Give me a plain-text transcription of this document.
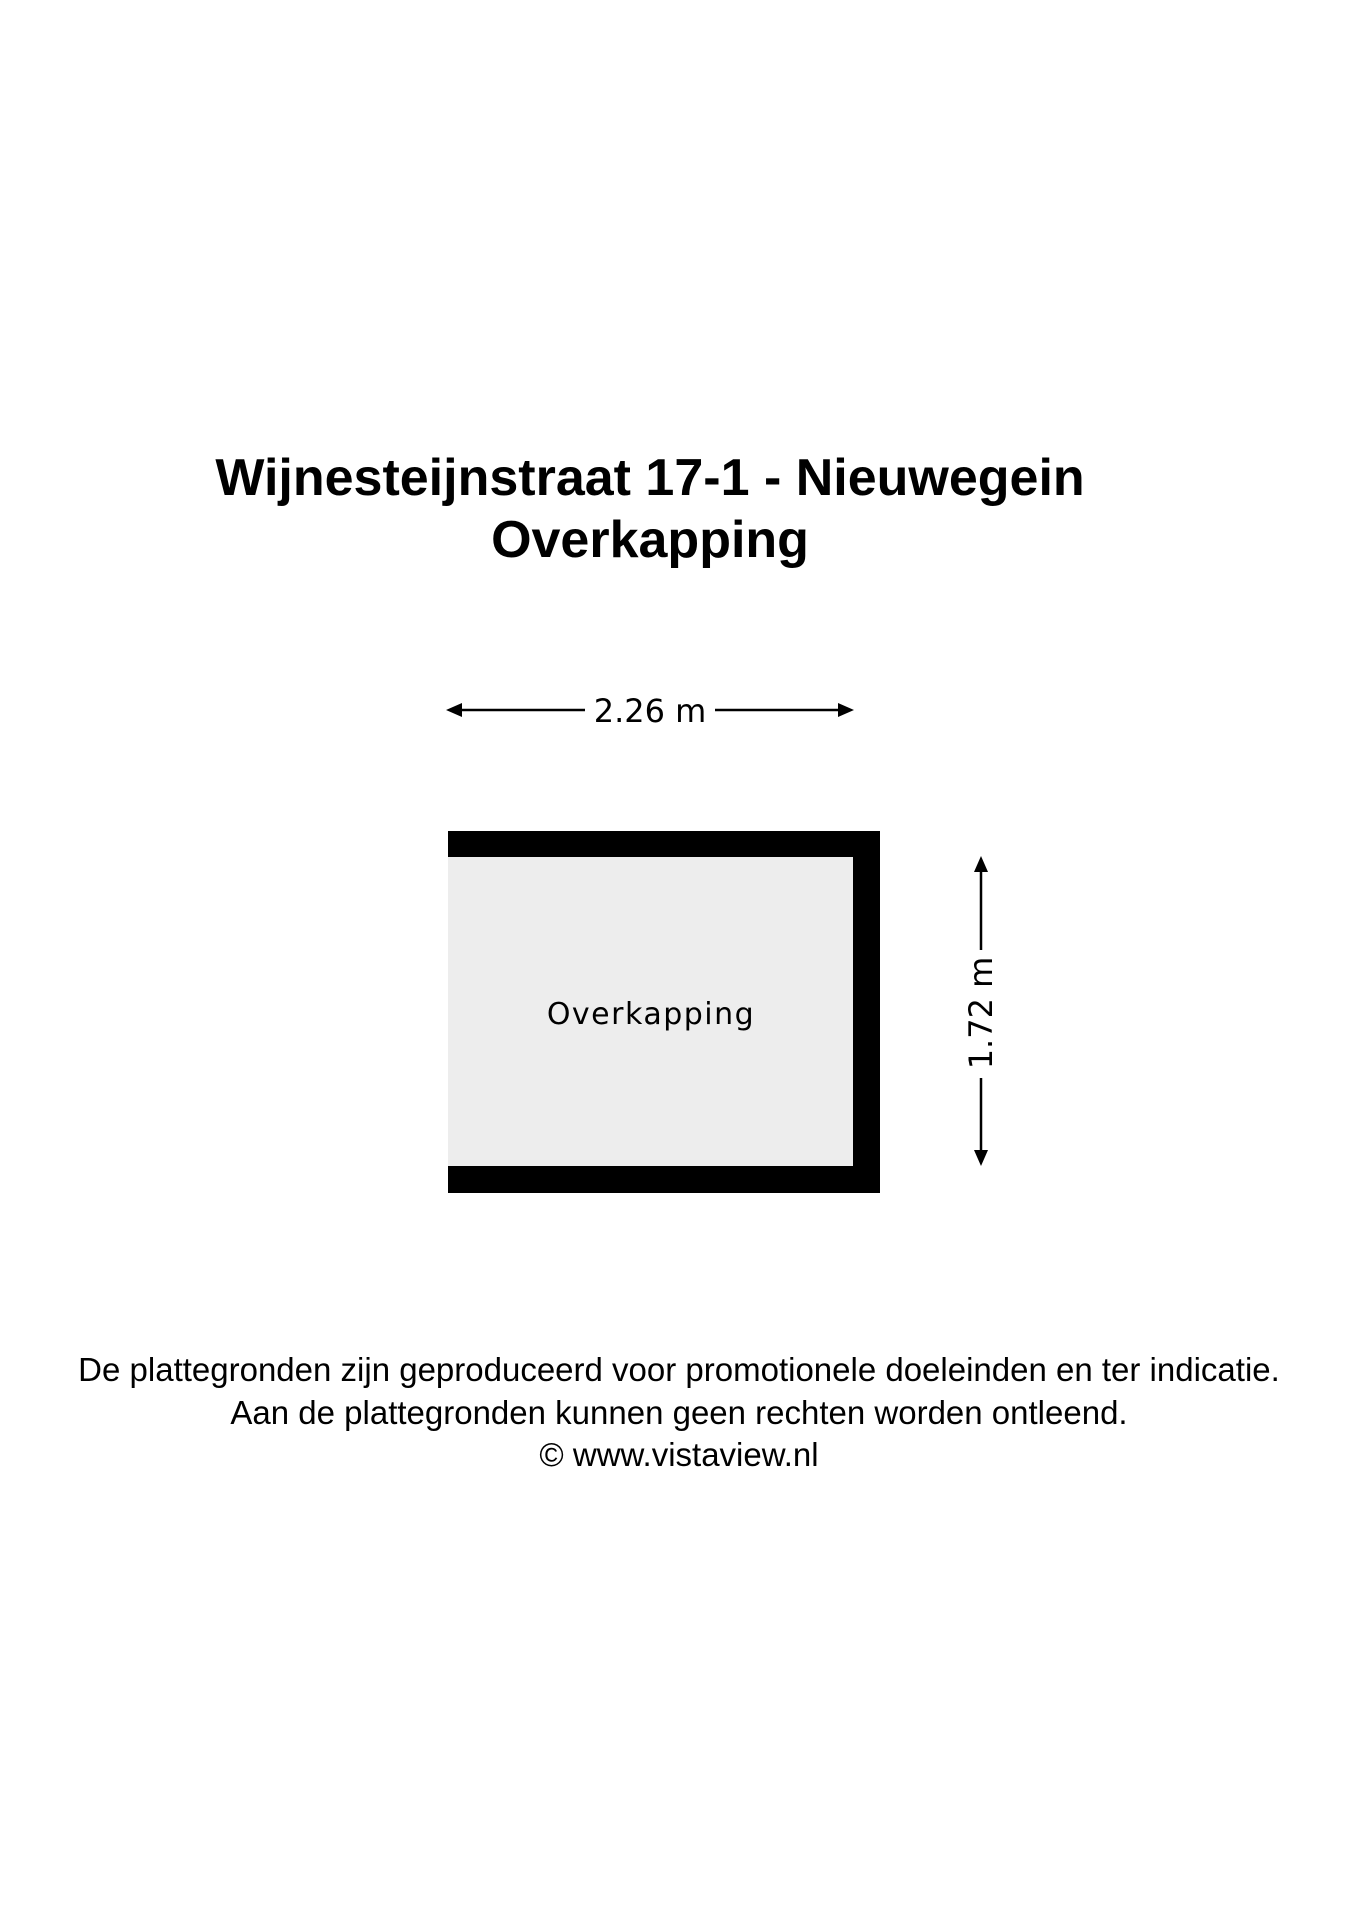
Wijnesteijnstraat 17-1 - Nieuwegein
Overkapping
2.26 m
Overkapping	1.72 m

De plattegronden zijn geproduceerd voor promotionele doeleinden en ter indicatie.

Aan de plattegronden kunnen geen rechten worden ontleend.

© www.vistaview.nl
